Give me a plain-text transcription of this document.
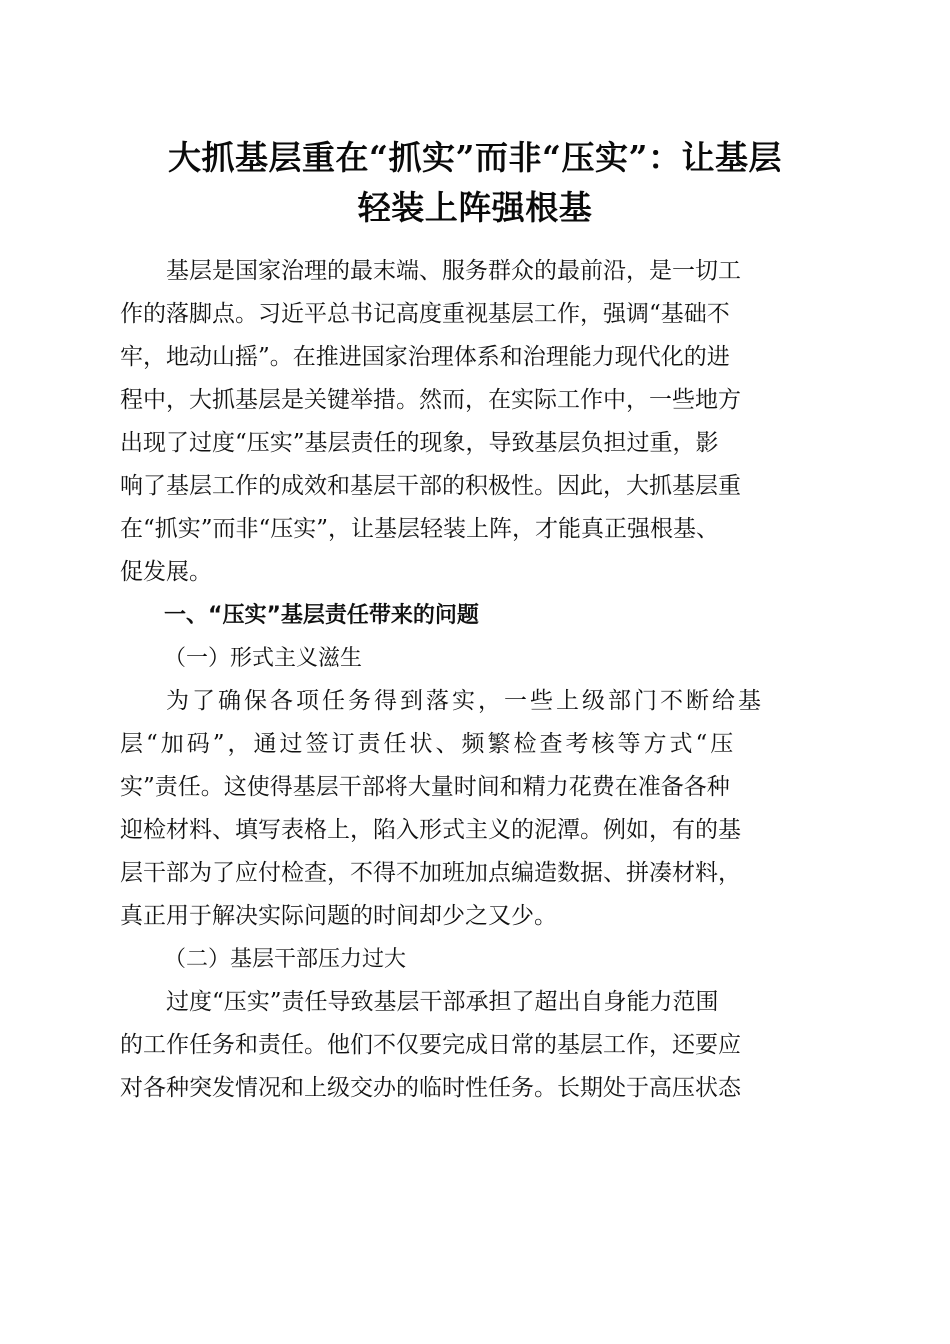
大抓基层重在“抓实”而非“压实”：让基层
轻装上阵强根基
基层是国家治理的最末端、服务群众的最前沿，是一切工
作的落脚点。习近平总书记高度重视基层工作，强调“基础不
牢，地动山摇”。在推进国家治理体系和治理能力现代化的进
程中，大抓基层是关键举措。然而，在实际工作中，一些地方
出现了过度“压实”基层责任的现象，导致基层负担过重，影
响了基层工作的成效和基层干部的积极性。因此，大抓基层重
在“抓实”而非“压实”，让基层轻装上阵，才能真正强根基、
促发展。
一、“压实”基层责任带来的问题
（一）形式主义滋生
为了确保各项任务得到落实，一些上级部门不断给基
层“加码”，通过签订责任状、频繁检查考核等方式“压
实”责任。这使得基层干部将大量时间和精力花费在准备各种
迎检材料、填写表格上，陷入形式主义的泥潭。例如，有的基
层干部为了应付检查，不得不加班加点编造数据、拼凑材料，
真正用于解决实际问题的时间却少之又少。
（二）基层干部压力过大
过度“压实”责任导致基层干部承担了超出自身能力范围
的工作任务和责任。他们不仅要完成日常的基层工作，还要应
对各种突发情况和上级交办的临时性任务。长期处于高压状态
